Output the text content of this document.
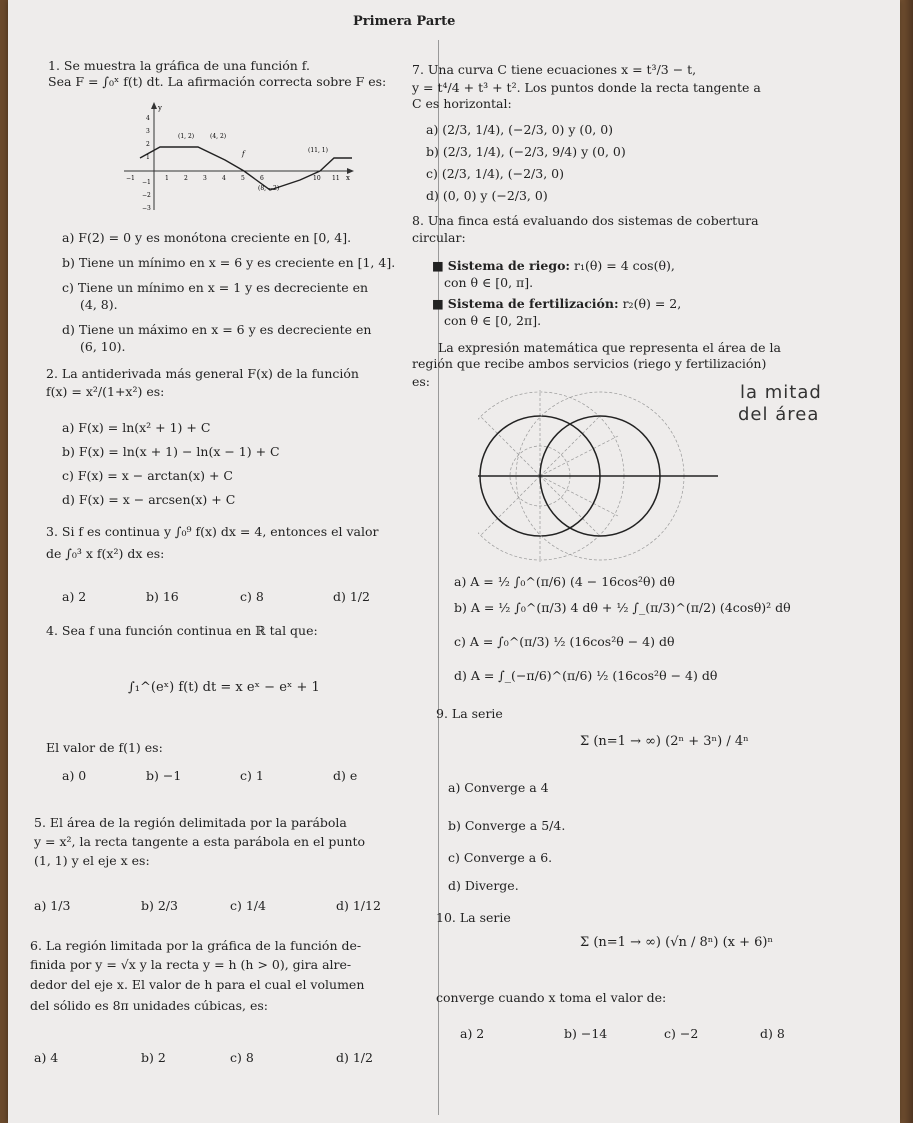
Primera Parte
1. Se muestra la gráfica de una función f.
Sea F = ∫₀ˣ f(t) dt. La afirmación correcta sobre F es:
y
x
4
3
2
1
−1
−2
−3
−1	1	2	3	4	5	6	10 11
f
(1, 2)	(4, 2)
(11, 1)
(8, −2)
a) F(2) = 0 y es monótona creciente en [0, 4].
b) Tiene un mínimo en x = 6 y es creciente en [1, 4].
c) Tiene un mínimo en x = 1 y es decreciente en
(4, 8).
d) Tiene un máximo en x = 6 y es decreciente en
(6, 10).
2. La antiderivada más general F(x) de la función
f(x) = x²/(1+x²) es:
a) F(x) = ln(x² + 1) + C
b) F(x) = ln(x + 1) − ln(x − 1) + C
c) F(x) = x − arctan(x) + C
d) F(x) = x − arcsen(x) + C
3. Si f es continua y ∫₀⁹ f(x) dx = 4, entonces el valor
de ∫₀³ x f(x²) dx es:
a) 2	b) 16	c) 8	d) 1/2
4. Sea f una función continua en ℝ tal que:
∫₁^(eˣ) f(t) dt = x eˣ − eˣ + 1
El valor de f(1) es:
a) 0	b) −1	c) 1	d) e
5. El área de la región delimitada por la parábola
y = x², la recta tangente a esta parábola en el punto
(1, 1) y el eje x es:
a) 1/3	b) 2/3	c) 1/4	d) 1/12
6. La región limitada por la gráfica de la función de-
finida por y = √x y la recta y = h (h > 0), gira alre-
dedor del eje x. El valor de h para el cual el volumen
del sólido es 8π unidades cúbicas, es:
a) 4	b) 2	c) 8	d) 1/2
7. Una curva C tiene ecuaciones x = t³/3 − t,
y = t⁴/4 + t³ + t². Los puntos donde la recta tangente a
C es horizontal:
a) (2/3, 1/4), (−2/3, 0) y (0, 0)
b) (2/3, 1/4), (−2/3, 9/4) y (0, 0)
c) (2/3, 1/4), (−2/3, 0)
d) (0, 0) y (−2/3, 0)
8. Una finca está evaluando dos sistemas de cobertura
circular:
■ Sistema de riego: r₁(θ) = 4 cos(θ),
con θ ∈ [0, π].
■ Sistema de fertilización: r₂(θ) = 2,
con θ ∈ [0, 2π].
La expresión matemática que representa el área de la
región que recibe ambos servicios (riego y fertilización)
es:
la mitad
del área
a) A = ½ ∫₀^(π/6) (4 − 16cos²θ) dθ
b) A = ½ ∫₀^(π/3) 4 dθ + ½ ∫_(π/3)^(π/2) (4cosθ)² dθ
c) A = ∫₀^(π/3) ½ (16cos²θ − 4) dθ
d) A = ∫_(−π/6)^(π/6) ½ (16cos²θ − 4) dθ
9. La serie
Σ (n=1 → ∞) (2ⁿ + 3ⁿ) / 4ⁿ
a) Converge a 4
b) Converge a 5/4.
c) Converge a 6.
d) Diverge.
10. La serie
Σ (n=1 → ∞) (√n / 8ⁿ) (x + 6)ⁿ
converge cuando x toma el valor de:
a) 2	b) −14	c) −2	d) 8
